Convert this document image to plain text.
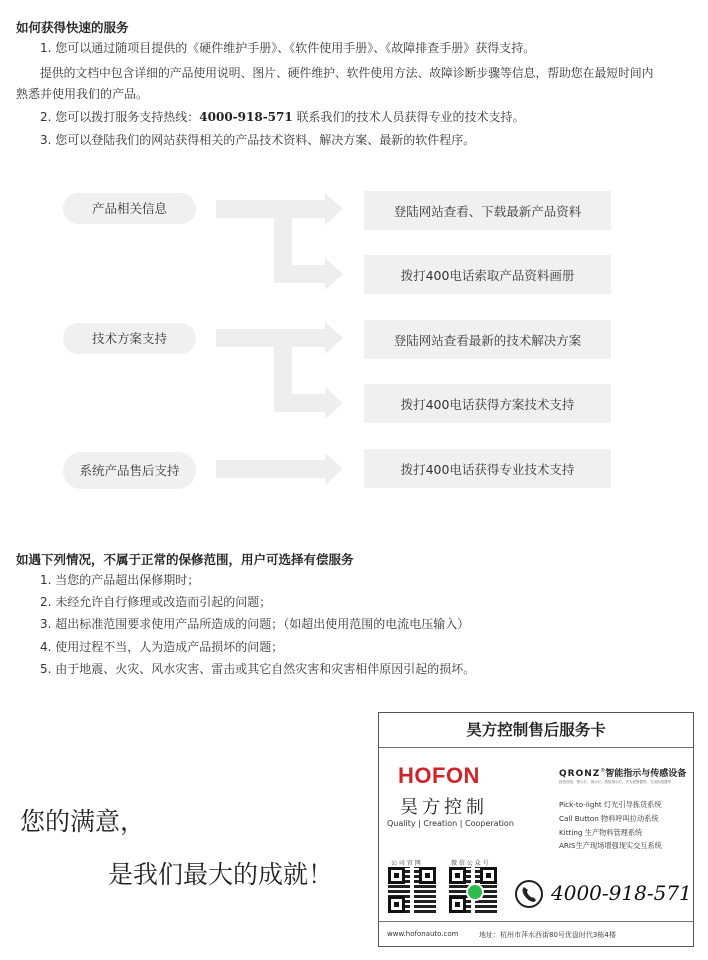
如何获得快速的服务
1. 您可以通过随项目提供的《硬件维护手册》、《软件使用手册》、《故障排查手册》获得支持。
提供的文档中包含详细的产品使用说明、图片、硬件维护、软件使用方法、故障诊断步骤等信息，帮助您在最短时间内
熟悉并使用我们的产品。
2. 您可以拨打服务支持热线：4000-918-571 联系我们的技术人员获得专业的技术支持。
3. 您可以登陆我们的网站获得相关的产品技术资料、解决方案、最新的软件程序。
产品相关信息
技术方案支持
系统产品售后支持
登陆网站查看、下载最新产品资料
拨打400电话索取产品资料画册
登陆网站查看最新的技术解决方案
拨打400电话获得方案技术支持
拨打400电话获得专业技术支持
如遇下列情况，不属于正常的保修范围，用户可选择有偿服务
1. 当您的产品超出保修期时；
2. 未经允许自行修理或改造而引起的问题；
3. 超出标准范围要求使用产品所造成的问题；（如超出使用范围的电流电压输入）
4. 使用过程不当，人为造成产品损坏的问题；
5. 由于地震、火灾、风水灾害、雷击或其它自然灾害和灾害相伴原因引起的损坏。
您的满意，
是我们最大的成就！
昊方控制售后服务卡
HOFON
昊方控制
Quality | Creation | Cooperation
QRONZ®智能指示与传感设备
按钮按钮、警示灯、指示灯、按钮指示灯、声光报警器等、光电传感器等
Pick-to-light 灯光引导拣货系统
Call Button 物料呼叫拉动系统
Kitting 生产物料管理系统
ARIS生产现场增强现实交互系统
公 司 官 网	微 信 公 众 号
4000-918-571
www.hofonauto.com	地址：杭州市萍水西街80号优盘时代3栋4楼
